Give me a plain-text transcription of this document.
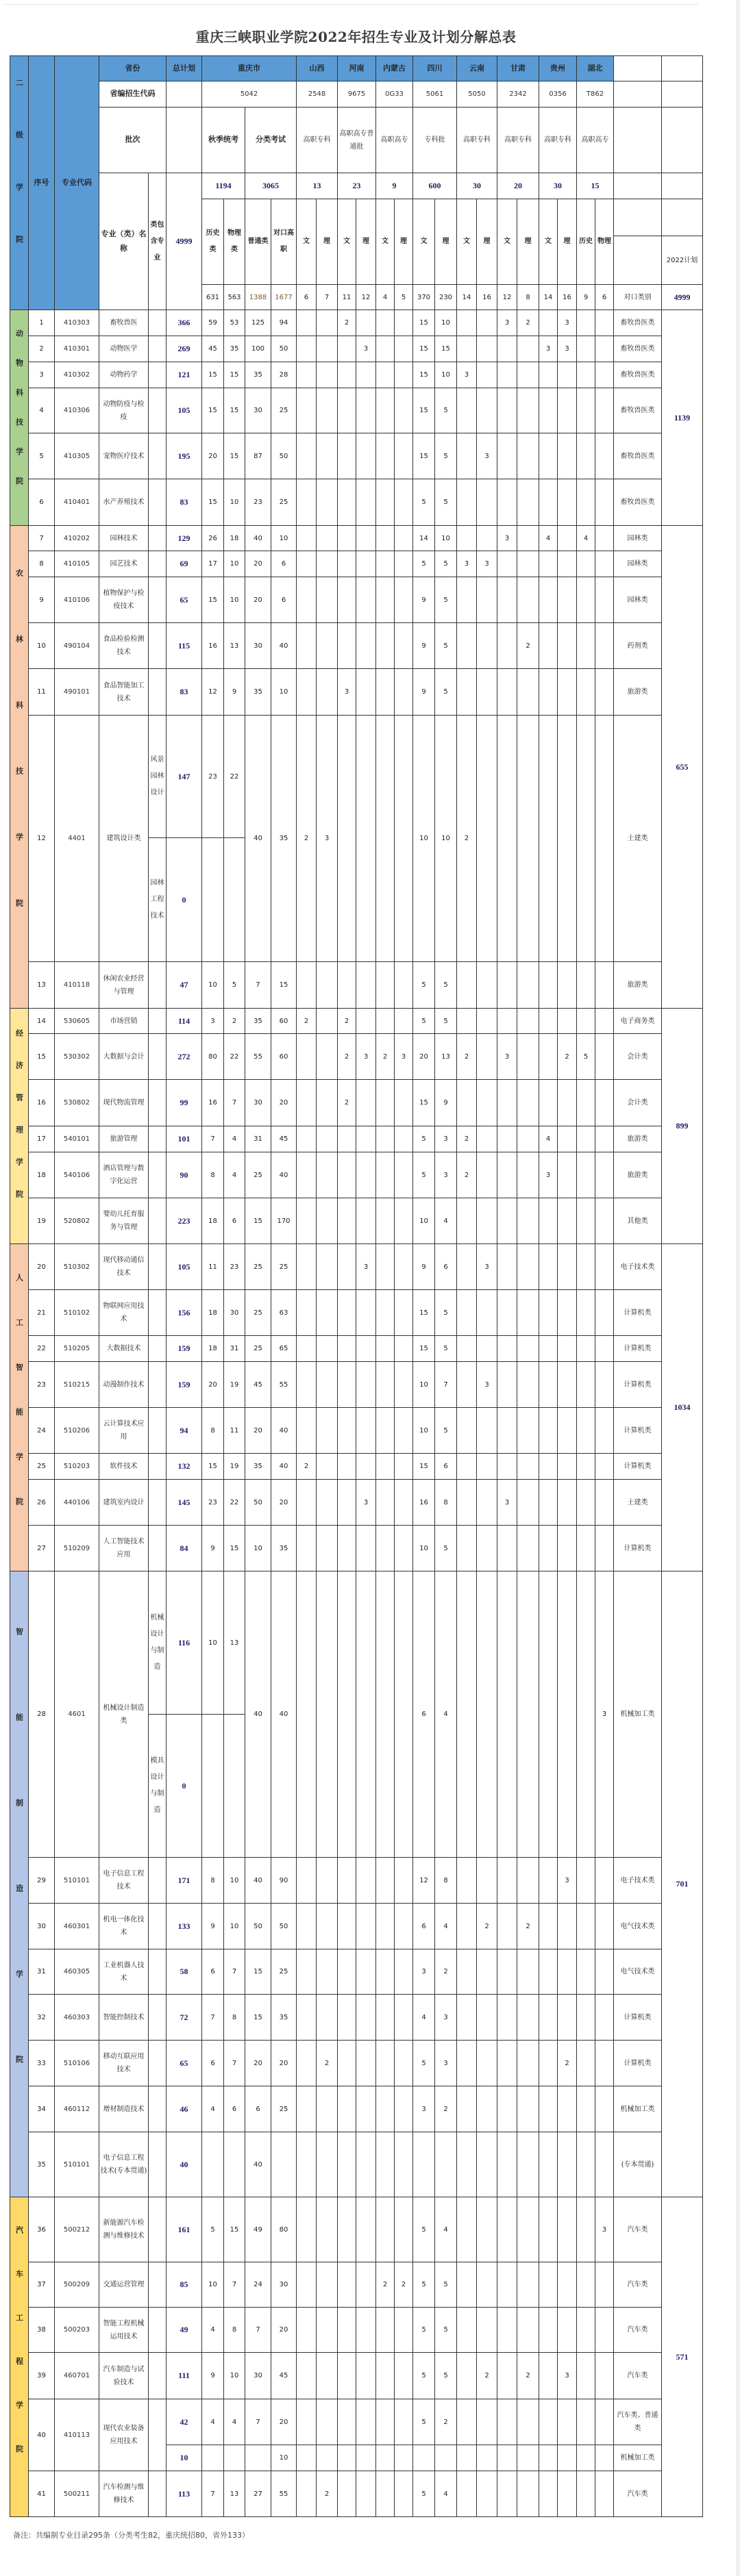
重庆三峡职业学院2022年招生专业及计划分解总表
二级学院	序号	专业代码	省份		总计划	重庆市				山西		河南		内蒙古		四川		云南		甘肃		贵州		湖北			
			省编招生代码			5042				2548		9675		0G33		5061		5050		2342		0356		T862			
			批次			秋季统考		分类考试		高职专科		高职高专普通批		高职高专		专科批		高职专科		高职专科		高职专科		高职高专			
			专业（类）名称	类包含专业	4999	1194		3065		13		23		9		600		30		20		30		15			
						历史类	物理类	普通类	对口高职	文	理	文	理	文	理	文	理	文	理	文	理	文	理	历史	物理		2022计划

						631	563	1388	1677	6	7	11	12	4	5	370	230	14	16	12	8	14	16	9	6	对口类别	4999

动物科技学院	1	410303	畜牧兽医		366	59	53	125	94			2				15	10			3	2		3			畜牧兽医类	1139
	2	410301	动物医学		269	45	35	100	50				3			15	15					3	3			畜牧兽医类	
	3	410302	动物药学		121	15	15	35	28							15	10	3								畜牧兽医类	
	4	410306	动物防疫与检疫		105	15	15	30	25							15	5									畜牧兽医类	
	5	410305	宠物医疗技术		195	20	15	87	50							15	5		3							畜牧兽医类	
	6	410401	水产养殖技术		83	15	10	23	25							5	5									畜牧兽医类	

农林科技学院	7	410202	园林技术		129	26	18	40	10							14	10			3		4		4		园林类	655
	8	410105	园艺技术		69	17	10	20	6							5	5	3	3							园林类	
	9	410106	植物保护与检疫技术		65	15	10	20	6							9	5									园林类	
	10	490104	食品检验检测技术		115	16	13	30	40							9	5				2					药剂类	
	11	490101	食品智能加工技术		83	12	9	35	10			3				9	5									旅游类	
	12	4401	建筑设计类	风景园林设计	147	23	22	40	35	2	3					10	10	2								土建类	
				园林工程技术	0																						
	13	410118	休闲农业经营与管理		47	10	5	7	15							5	5									旅游类	

经济管理学院	14	530605	市场营销		114	3	2	35	60	2		2				5	5									电子商务类	899
	15	530302	大数据与会计		272	80	22	55	60			2	3	2	3	20	13	2		3			2	5		会计类	
	16	530802	现代物流管理		99	16	7	30	20			2				15	9									会计类	
	17	540101	旅游管理		101	7	4	31	45							5	3	2				4				旅游类	
	18	540106	酒店管理与数字化运营		90	8	4	25	40							5	3	2				3				旅游类	
	19	520802	婴幼儿托育服务与管理		223	18	6	15	170							10	4									其他类	

人工智能学院	20	510302	现代移动通信技术		105	11	23	25	25				3			9	6		3							电子技术类	1034
	21	510102	物联网应用技术		156	18	30	25	63							15	5									计算机类	
	22	510205	大数据技术		159	18	31	25	65							15	5									计算机类	
	23	510215	动漫制作技术		159	20	19	45	55							10	7		3							计算机类	
	24	510206	云计算技术应用		94	8	11	20	40							10	5									计算机类	
	25	510203	软件技术		132	15	19	35	40	2						15	6									计算机类	
	26	440106	建筑室内设计		145	23	22	50	20				3			16	8			3						土建类	
	27	510209	人工智能技术应用		84	9	15	10	35							10	5									计算机类	

智能制造学院	28	4601	机械设计制造类	机械设计与制造	116	10	13	40	40							6	4								3	机械加工类	701
				模具设计与制造	0																						
	29	510101	电子信息工程技术		171	8	10	40	90							12	8						3			电子技术类	
	30	460301	机电一体化技术		133	9	10	50	50							6	4		2		2					电气技术类	
	31	460305	工业机器人技术		58	6	7	15	25							3	2									电气技术类	
	32	460303	智能控制技术		72	7	8	15	35							4	3									计算机类	
	33	510106	移动互联应用技术		65	6	7	20	20		2					5	3						2			计算机类	
	34	460112	增材制造技术		46	4	6	6	25							3	2									机械加工类	
	35	510101	电子信息工程技术(专本贯通)		40			40																		(专本贯通)	

汽车工程学院	36	500212	新能源汽车检测与维修技术		161	5	15	49	80							5	4								3	汽车类	571
	37	500209	交通运营管理		85	10	7	24	30					2	2	5	5									汽车类	
	38	500203	智能工程机械运用技术		49	4	8	7	20							5	5									汽车类	
	39	460701	汽车制造与试验技术		111	9	10	30	45							5	5		2		2		3			汽车类	
	40	410113	现代农业装备应用技术		42	4	4	7	20							5	2									汽车类、普通类	
					10				10																	机械加工类	
	41	500211	汽车检测与维修技术		113	7	13	27	55		2					5	4									汽车类	
备注：共编制专业目录295条（分类考生82，重庆统招80，省外133）
